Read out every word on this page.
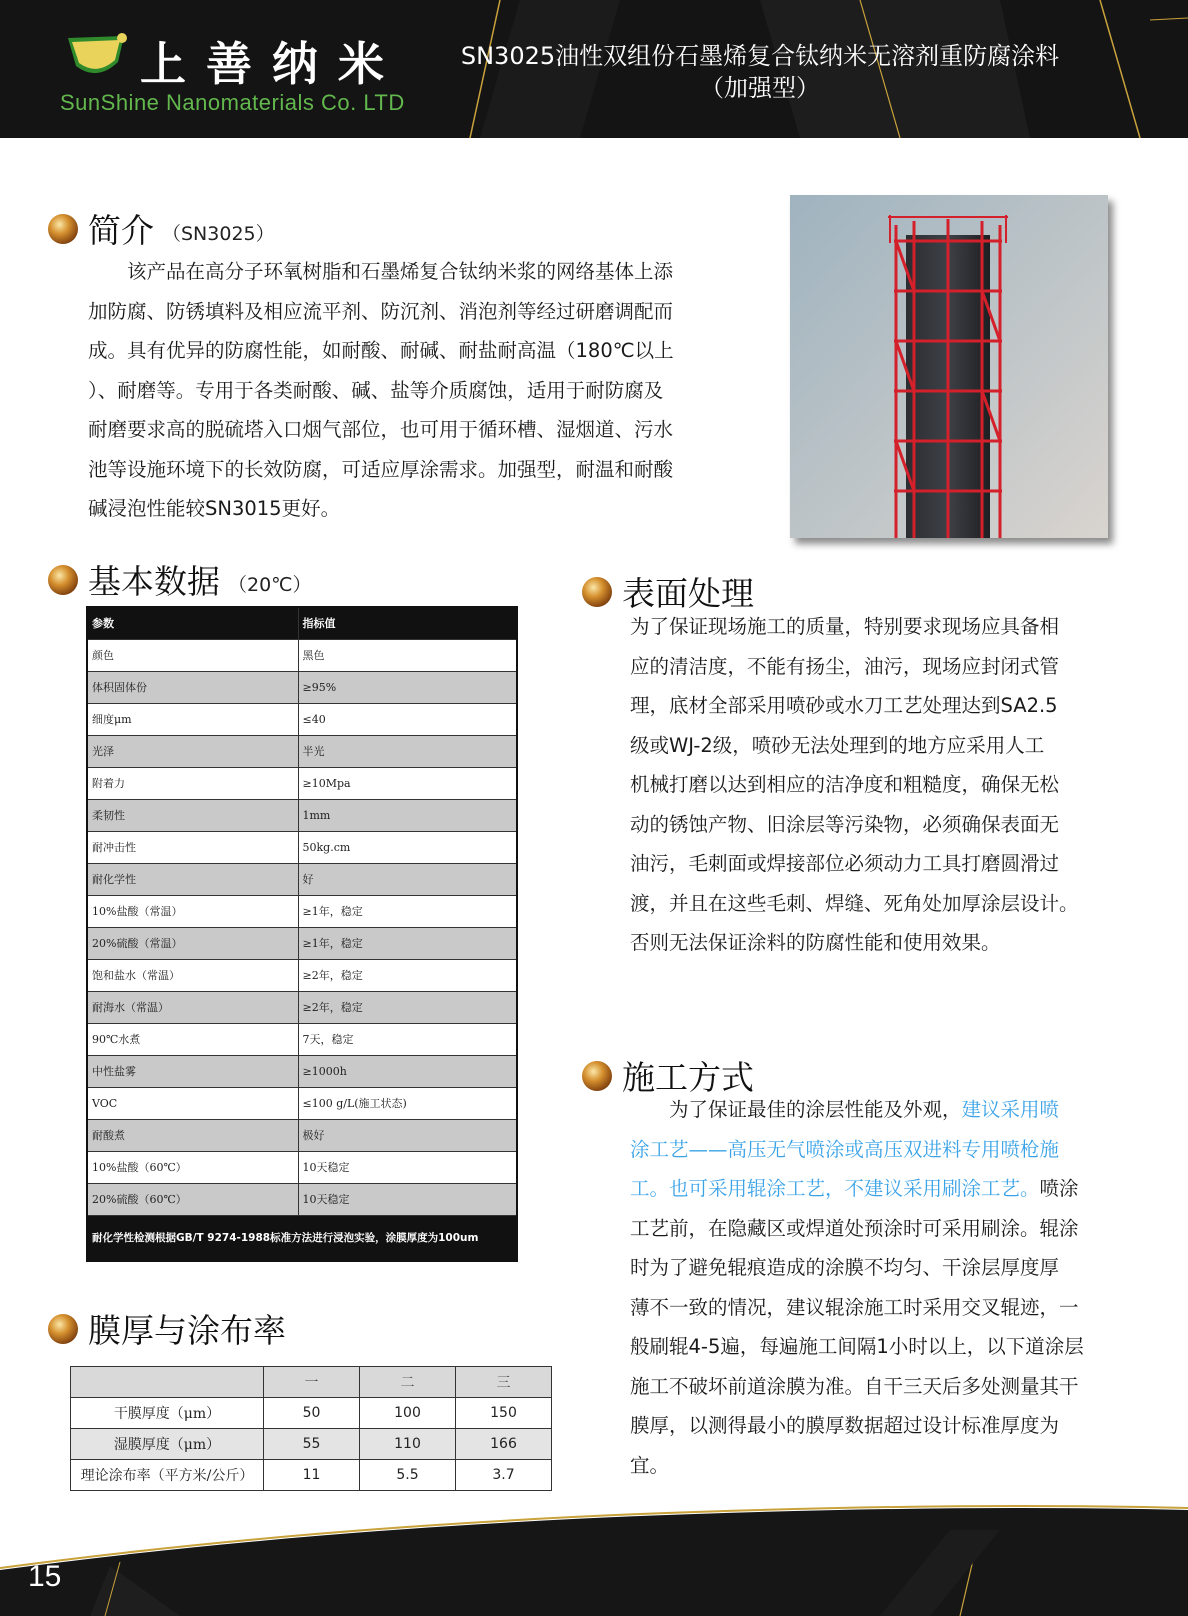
上善纳米
SunShine Nanomaterials Co. LTD
SN3025油性双组份石墨烯复合钛纳米无溶剂重防腐涂料
（加强型）
简介 （SN3025）
　　该产品在高分子环氧树脂和石墨烯复合钛纳米浆的网络基体上添
加防腐、防锈填料及相应流平剂、防沉剂、消泡剂等经过研磨调配而
成。具有优异的防腐性能，如耐酸、耐碱、耐盐耐高温（180℃以上
）、耐磨等。专用于各类耐酸、碱、盐等介质腐蚀，适用于耐防腐及
耐磨要求高的脱硫塔入口烟气部位，也可用于循环槽、湿烟道、污水
池等设施环境下的长效防腐，可适应厚涂需求。加强型，耐温和耐酸
碱浸泡性能较SN3015更好。
基本数据 （20℃）
参数	指标值
颜色	黑色
体积固体份	≥95%
细度μm	≤40
光泽	半光
附着力	≥10Mpa
柔韧性	1mm
耐冲击性	50kg.cm
耐化学性	好
10%盐酸（常温）	≥1年，稳定
20%硫酸（常温）	≥1年，稳定
饱和盐水（常温）	≥2年，稳定
耐海水（常温）	≥2年，稳定
90℃水煮	7天，稳定
中性盐雾	≥1000h
VOC	≤100 g/L(施工状态)
耐酸煮	极好
10%盐酸（60℃）	10天稳定
20%硫酸（60℃）	10天稳定
耐化学性检测根据GB/T 9274-1988标准方法进行浸泡实验，涂膜厚度为100um	
膜厚与涂布率
	一	二	三
干膜厚度（μm）	50	100	150
湿膜厚度（μm）	55	110	166
理论涂布率（平方米/公斤）	11	5.5	3.7
表面处理
为了保证现场施工的质量，特别要求现场应具备相
应的清洁度，不能有扬尘，油污，现场应封闭式管
理，底材全部采用喷砂或水刀工艺处理达到SA2.5
级或WJ-2级，喷砂无法处理到的地方应采用人工
机械打磨以达到相应的洁净度和粗糙度，确保无松
动的锈蚀产物、旧涂层等污染物，必须确保表面无
油污，毛刺面或焊接部位必须动力工具打磨圆滑过
渡，并且在这些毛刺、焊缝、死角处加厚涂层设计。
否则无法保证涂料的防腐性能和使用效果。
施工方式
　　为了保证最佳的涂层性能及外观，建议采用喷
涂工艺——高压无气喷涂或高压双进料专用喷枪施
工。也可采用辊涂工艺，不建议采用刷涂工艺。喷涂
工艺前，在隐藏区或焊道处预涂时可采用刷涂。辊涂
时为了避免辊痕造成的涂膜不均匀、干涂层厚度厚
薄不一致的情况，建议辊涂施工时采用交叉辊迹，一
般刷辊4-5遍，每遍施工间隔1小时以上，以下道涂层
施工不破坏前道涂膜为准。自干三天后多处测量其干
膜厚，以测得最小的膜厚数据超过设计标准厚度为
宜。
15
